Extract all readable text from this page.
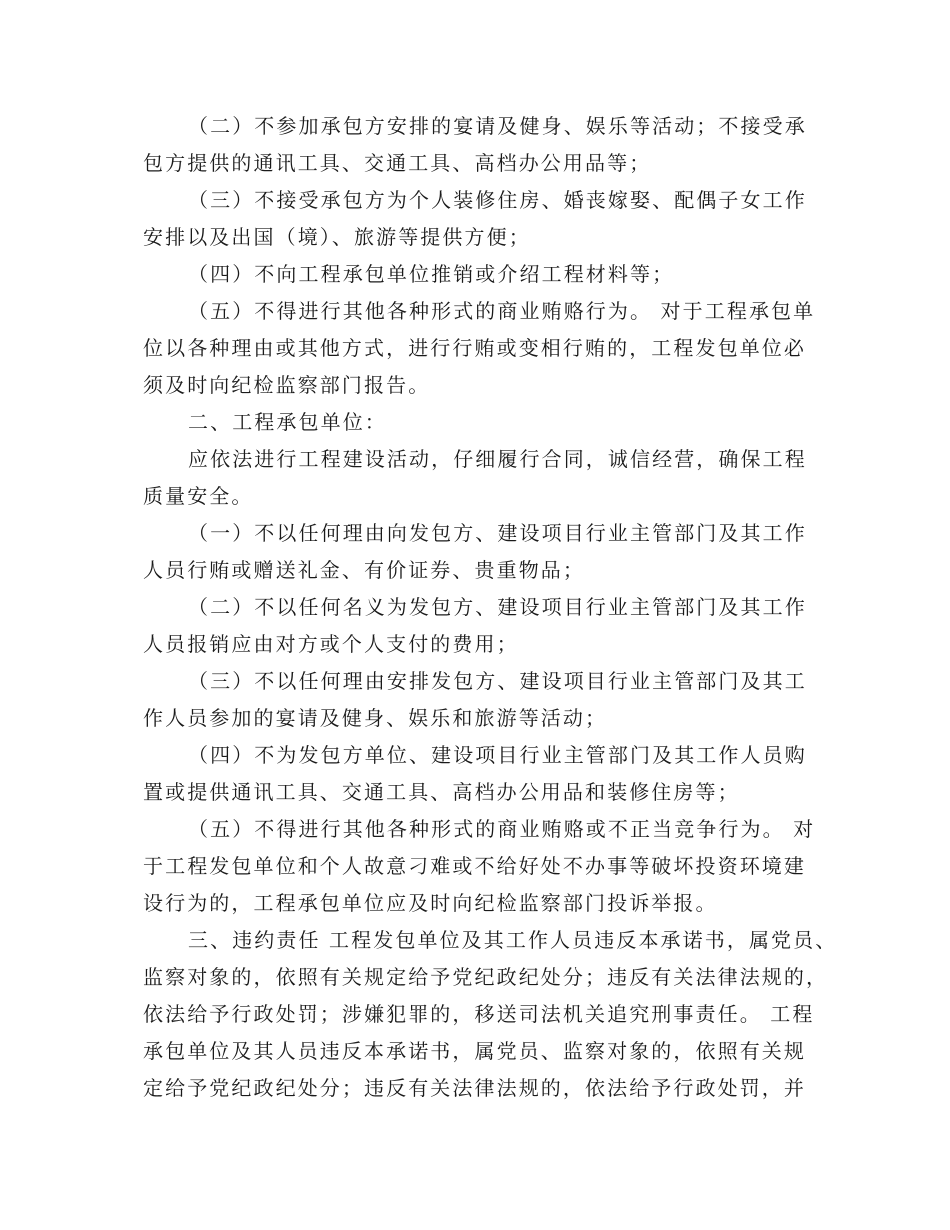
（二）不参加承包方安排的宴请及健身、娱乐等活动；不接受承
包方提供的通讯工具、交通工具、高档办公用品等；
（三）不接受承包方为个人装修住房、婚丧嫁娶、配偶子女工作
安排以及出国（境）、旅游等提供方便；
（四）不向工程承包单位推销或介绍工程材料等；
（五）不得进行其他各种形式的商业贿赂行为。 对于工程承包单
位以各种理由或其他方式，进行行贿或变相行贿的，工程发包单位必
须及时向纪检监察部门报告。
二、工程承包单位：
应依法进行工程建设活动，仔细履行合同，诚信经营，确保工程
质量安全。
（一）不以任何理由向发包方、建设项目行业主管部门及其工作
人员行贿或赠送礼金、有价证券、贵重物品；
（二）不以任何名义为发包方、建设项目行业主管部门及其工作
人员报销应由对方或个人支付的费用；
（三）不以任何理由安排发包方、建设项目行业主管部门及其工
作人员参加的宴请及健身、娱乐和旅游等活动；
（四）不为发包方单位、建设项目行业主管部门及其工作人员购
置或提供通讯工具、交通工具、高档办公用品和装修住房等；
（五）不得进行其他各种形式的商业贿赂或不正当竞争行为。 对
于工程发包单位和个人故意刁难或不给好处不办事等破坏投资环境建
设行为的，工程承包单位应及时向纪检监察部门投诉举报。
三、违约责任 工程发包单位及其工作人员违反本承诺书，属党员、
监察对象的，依照有关规定给予党纪政纪处分；违反有关法律法规的，
依法给予行政处罚；涉嫌犯罪的，移送司法机关追究刑事责任。 工程
承包单位及其人员违反本承诺书，属党员、监察对象的，依照有关规
定给予党纪政纪处分；违反有关法律法规的，依法给予行政处罚，并
